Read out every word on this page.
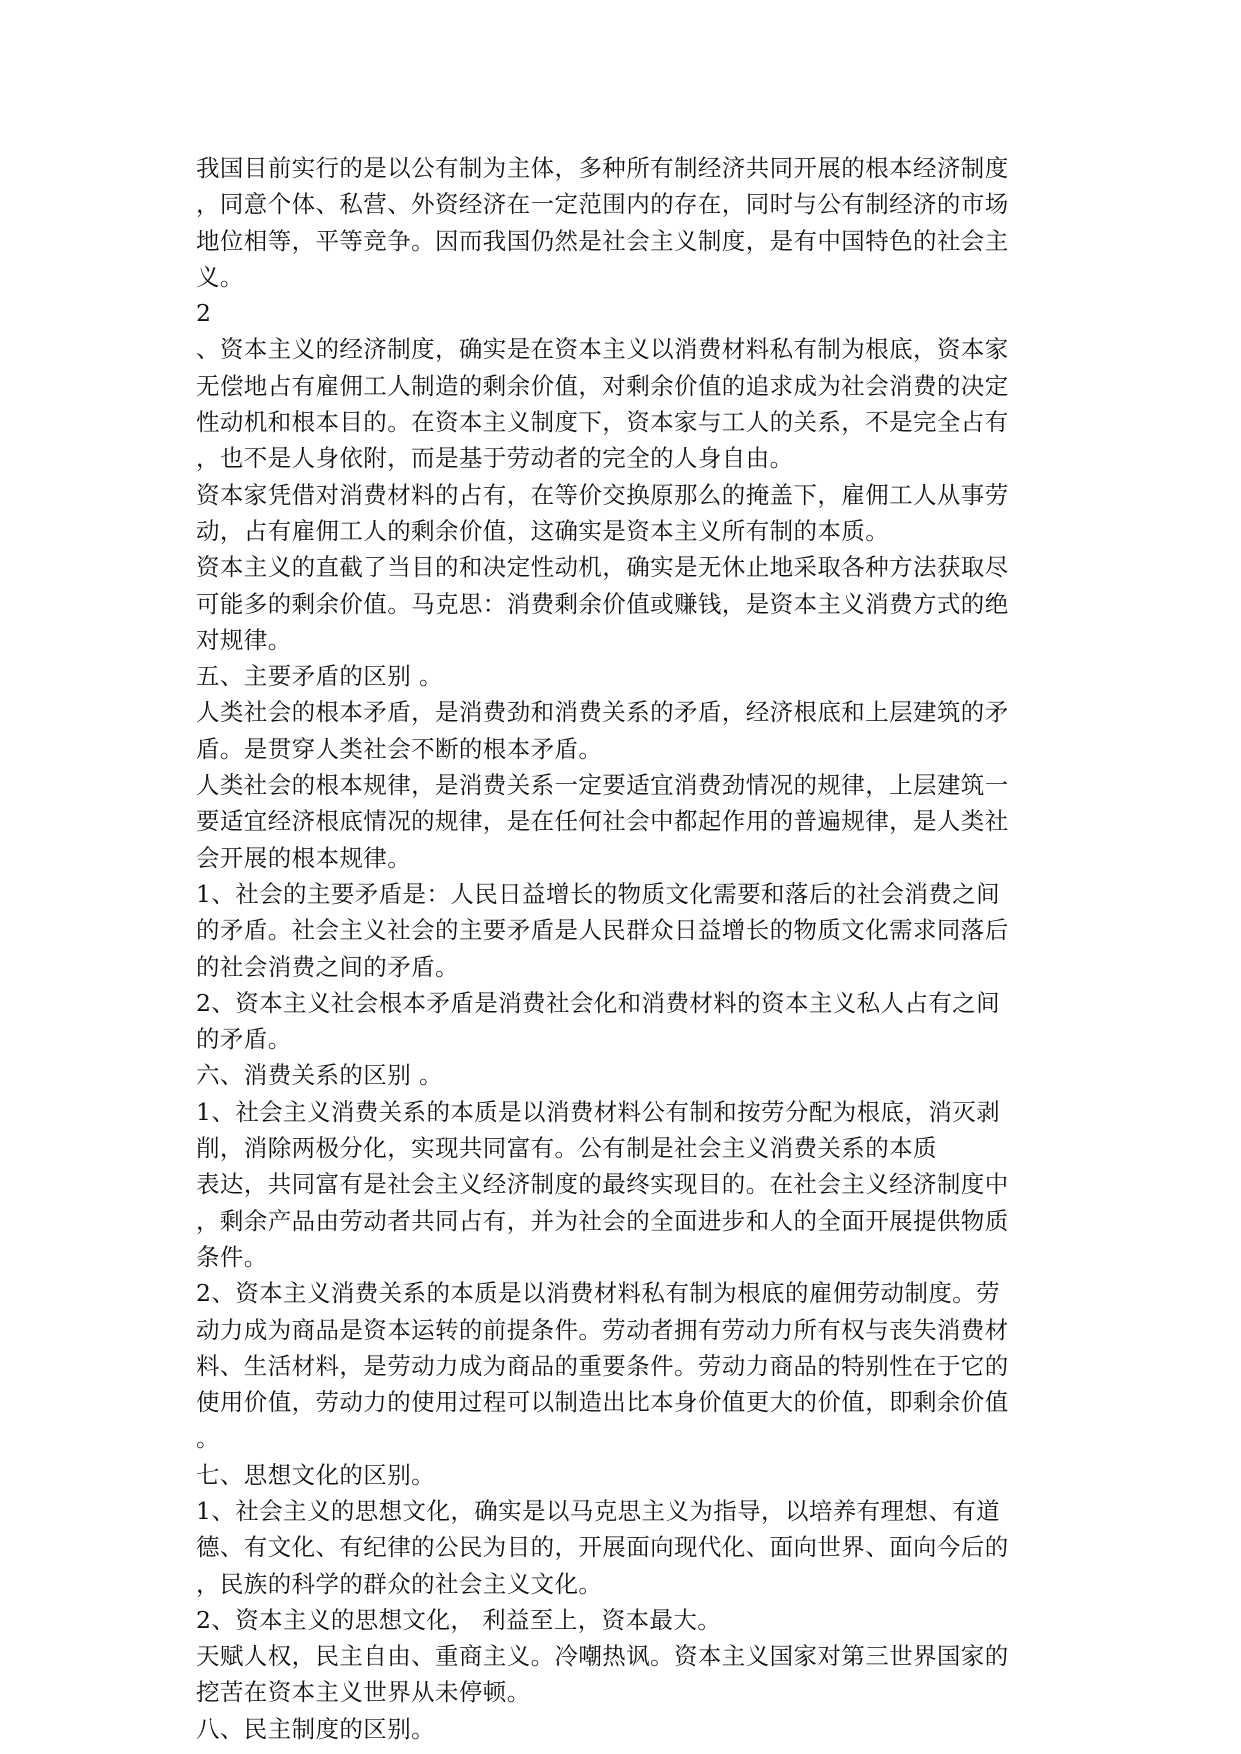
我国目前实行的是以公有制为主体，多种所有制经济共同开展的根本经济制度
，同意个体、私营、外资经济在一定范围内的存在，同时与公有制经济的市场
地位相等，平等竞争。因而我国仍然是社会主义制度，是有中国特色的社会主
义。
2
、资本主义的经济制度，确实是在资本主义以消费材料私有制为根底，资本家
无偿地占有雇佣工人制造的剩余价值，对剩余价值的追求成为社会消费的决定
性动机和根本目的。在资本主义制度下，资本家与工人的关系，不是完全占有
，也不是人身依附，而是基于劳动者的完全的人身自由。
资本家凭借对消费材料的占有，在等价交换原那么的掩盖下，雇佣工人从事劳
动，占有雇佣工人的剩余价值，这确实是资本主义所有制的本质。
资本主义的直截了当目的和决定性动机，确实是无休止地采取各种方法获取尽
可能多的剩余价值。马克思：消费剩余价值或赚钱，是资本主义消费方式的绝
对规律。
五、主要矛盾的区别 。
人类社会的根本矛盾，是消费劲和消费关系的矛盾，经济根底和上层建筑的矛
盾。是贯穿人类社会不断的根本矛盾。
人类社会的根本规律，是消费关系一定要适宜消费劲情况的规律，上层建筑一
要适宜经济根底情况的规律，是在任何社会中都起作用的普遍规律，是人类社
会开展的根本规律。
1、社会的主要矛盾是：人民日益增长的物质文化需要和落后的社会消费之间
的矛盾。社会主义社会的主要矛盾是人民群众日益增长的物质文化需求同落后
的社会消费之间的矛盾。
2、资本主义社会根本矛盾是消费社会化和消费材料的资本主义私人占有之间
的矛盾。
六、消费关系的区别 。
1、社会主义消费关系的本质是以消费材料公有制和按劳分配为根底，消灭剥
削，消除两极分化，实现共同富有。公有制是社会主义消费关系的本质
表达，共同富有是社会主义经济制度的最终实现目的。在社会主义经济制度中
，剩余产品由劳动者共同占有，并为社会的全面进步和人的全面开展提供物质
条件。
2、资本主义消费关系的本质是以消费材料私有制为根底的雇佣劳动制度。劳
动力成为商品是资本运转的前提条件。劳动者拥有劳动力所有权与丧失消费材
料、生活材料，是劳动力成为商品的重要条件。劳动力商品的特别性在于它的
使用价值，劳动力的使用过程可以制造出比本身价值更大的价值，即剩余价值
。
七、思想文化的区别。
1、社会主义的思想文化，确实是以马克思主义为指导，以培养有理想、有道
德、有文化、有纪律的公民为目的，开展面向现代化、面向世界、面向今后的
，民族的科学的群众的社会主义文化。
2、资本主义的思想文化， 利益至上，资本最大。
天赋人权，民主自由、重商主义。冷嘲热讽。资本主义国家对第三世界国家的
挖苦在资本主义世界从未停顿。
八、民主制度的区别。
